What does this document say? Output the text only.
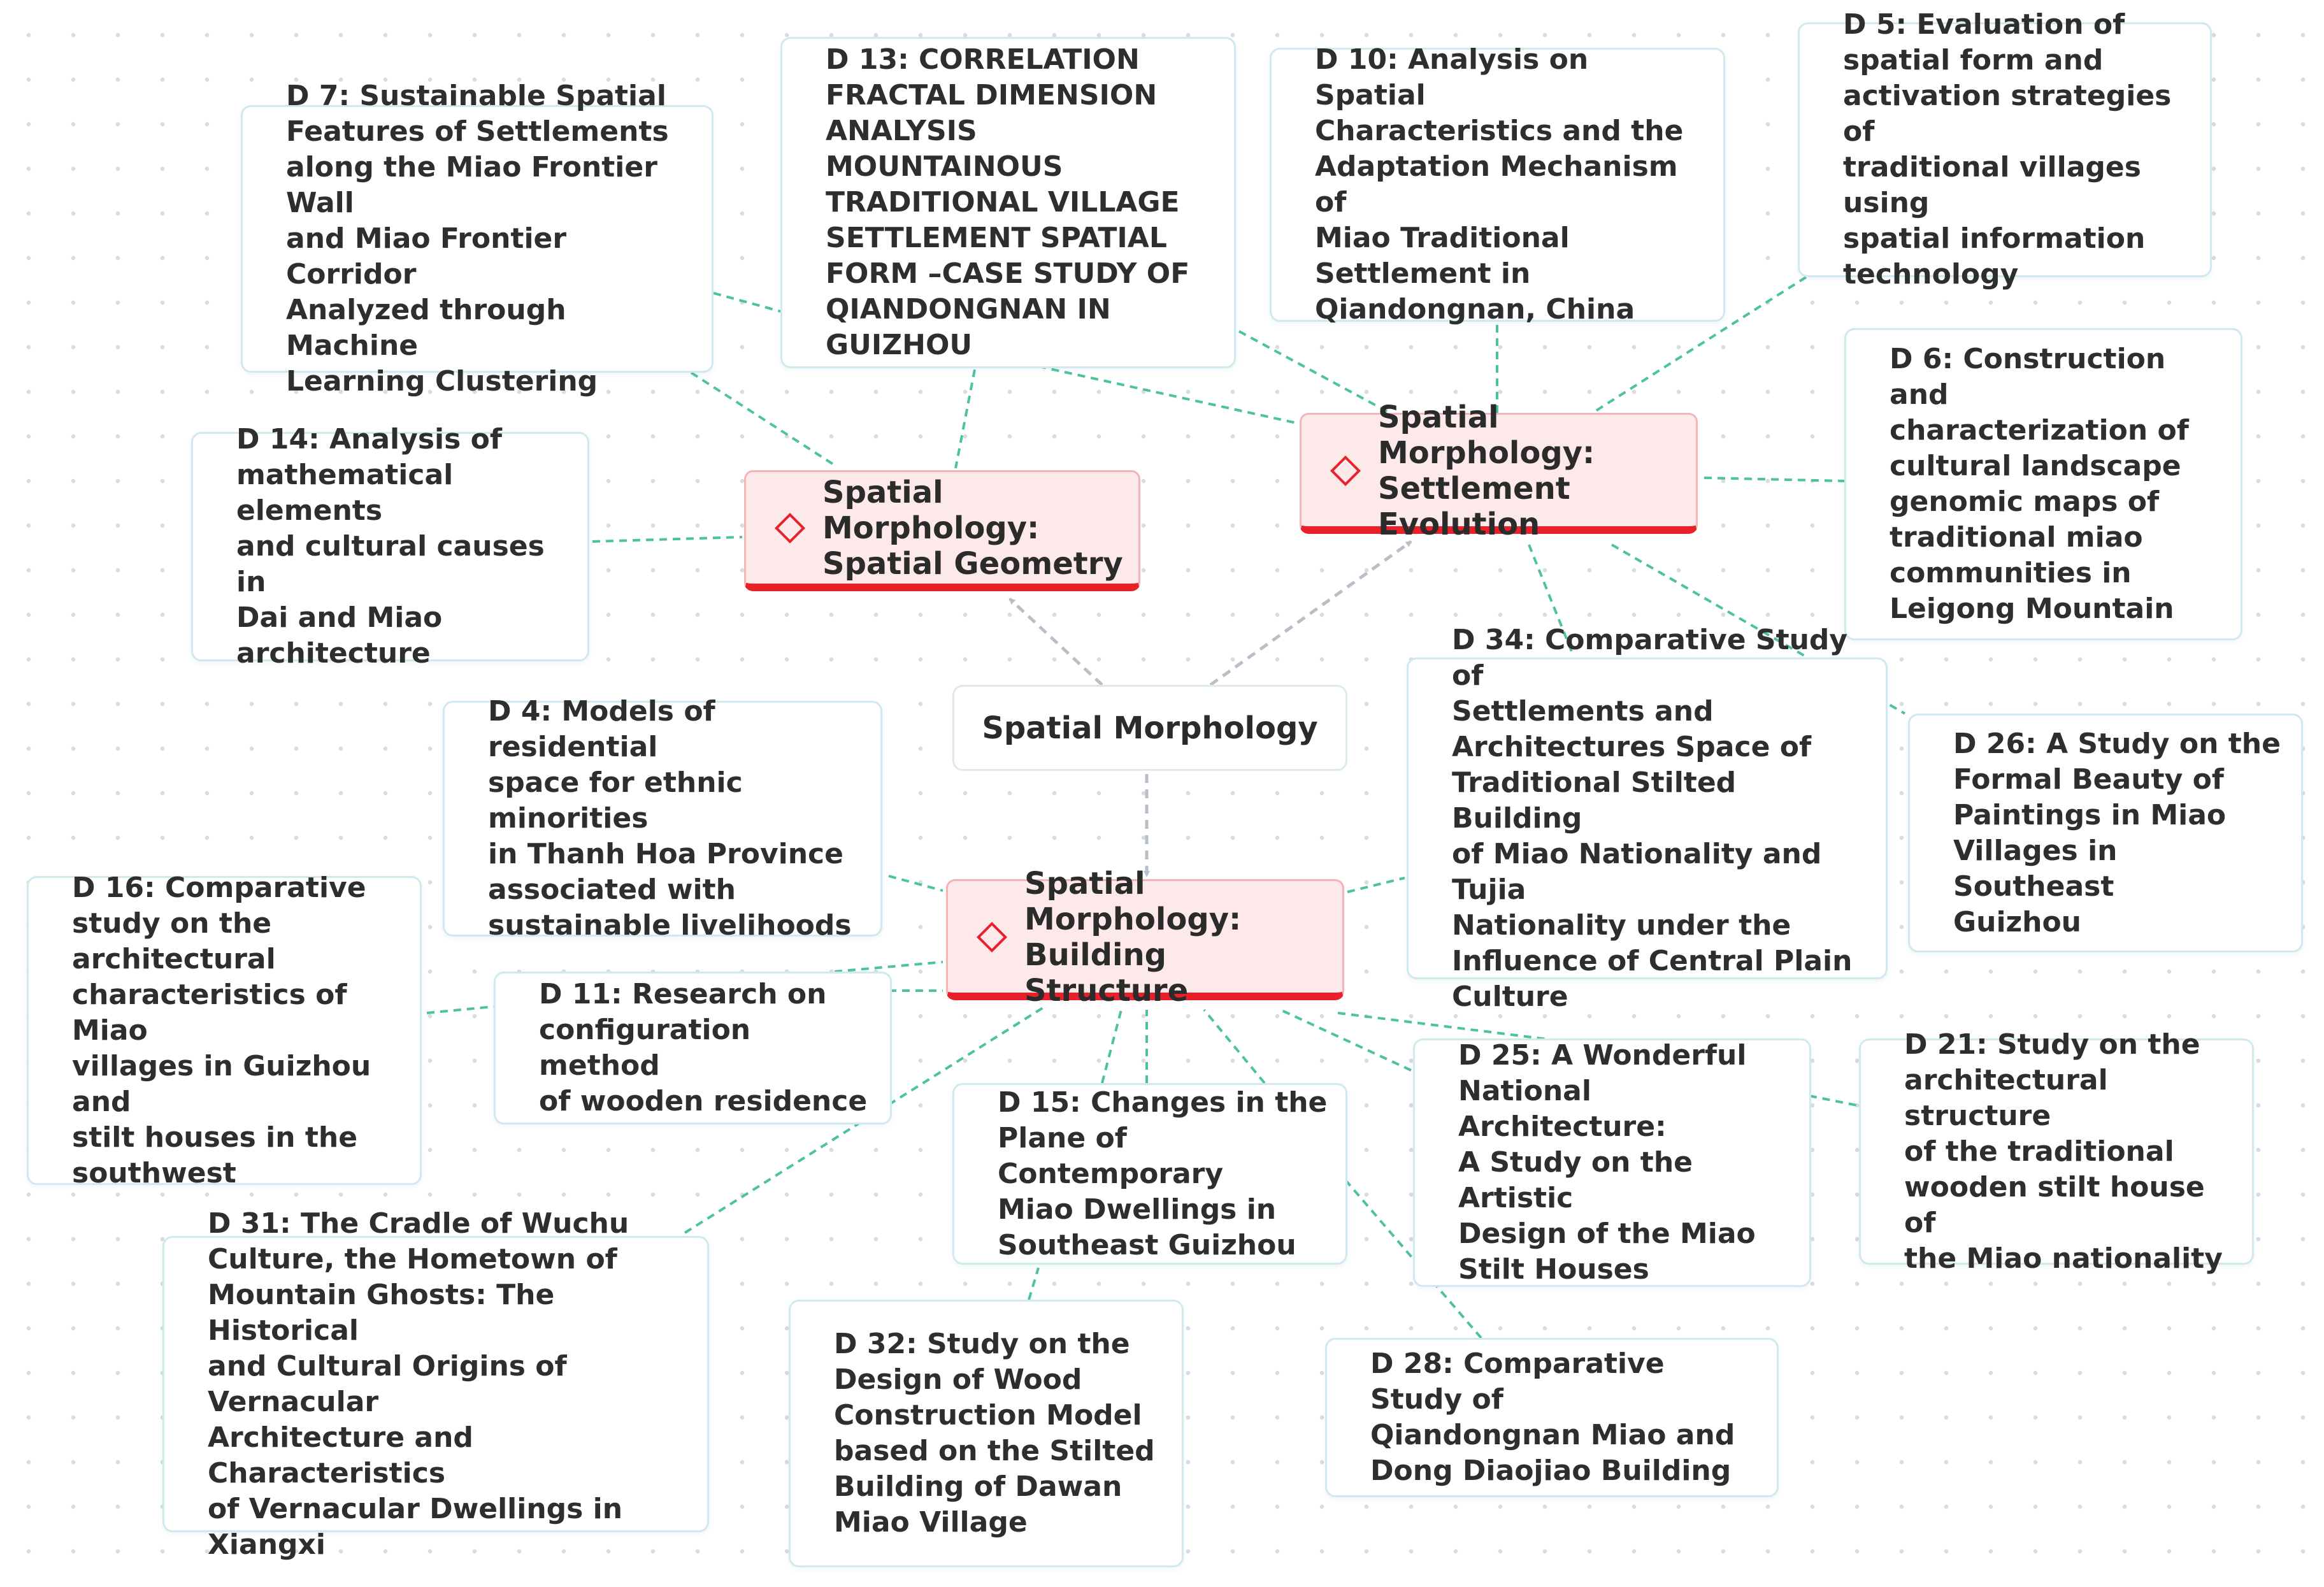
Spatial Morphology:
Spatial Geometry
Spatial Morphology:
Settlement Evolution
Spatial Morphology:
Building Structure
Spatial Morphology
D 7: Sustainable Spatial
Features of Settlements
along the Miao Frontier Wall
and Miao Frontier Corridor
Analyzed through Machine
Learning Clustering
D 13: CORRELATION
FRACTAL DIMENSION
ANALYSIS MOUNTAINOUS
TRADITIONAL VILLAGE
SETTLEMENT SPATIAL
FORM –CASE STUDY OF
QIANDONGNAN IN
GUIZHOU
D 10: Analysis on Spatial
Characteristics and the
Adaptation Mechanism of
Miao Traditional
Settlement in
Qiandongnan, China
D 5: Evaluation of
spatial form and
activation strategies of
traditional villages using
spatial information
technology
D 6: Construction and
characterization of
cultural landscape
genomic maps of
traditional miao
communities in
Leigong Mountain
D 14: Analysis of
mathematical elements
and cultural causes in
Dai and Miao
architecture
D 4: Models of residential
space for ethnic minorities
in Thanh Hoa Province
associated with
sustainable livelihoods
D 34: Comparative Study of
Settlements and
Architectures Space of
Traditional Stilted Building
of Miao Nationality and Tujia
Nationality under the
Influence of Central Plain
Culture
D 26: A Study on the
Formal Beauty of
Paintings in Miao
Villages in Southeast
Guizhou
D 16: Comparative
study on the
architectural
characteristics of Miao
villages in Guizhou and
stilt houses in the
southwest
D 11: Research on
configuration method
of wooden residence	D 15: Changes in the
Plane of Contemporary
Miao Dwellings in
Southeast Guizhou
D 25: A Wonderful
National Architecture:
A Study on the Artistic
Design of the Miao
Stilt Houses
D 21: Study on the
architectural structure
of the traditional
wooden stilt house of
the Miao nationality
D 31: The Cradle of Wuchu
Culture, the Hometown of
Mountain Ghosts: The Historical
and Cultural Origins of Vernacular
Architecture and Characteristics
of Vernacular Dwellings in
Xiangxi
D 32: Study on the
Design of Wood
Construction Model
based on the Stilted
Building of Dawan
Miao Village
D 28: Comparative Study of
Qiandongnan Miao and
Dong Diaojiao Building
